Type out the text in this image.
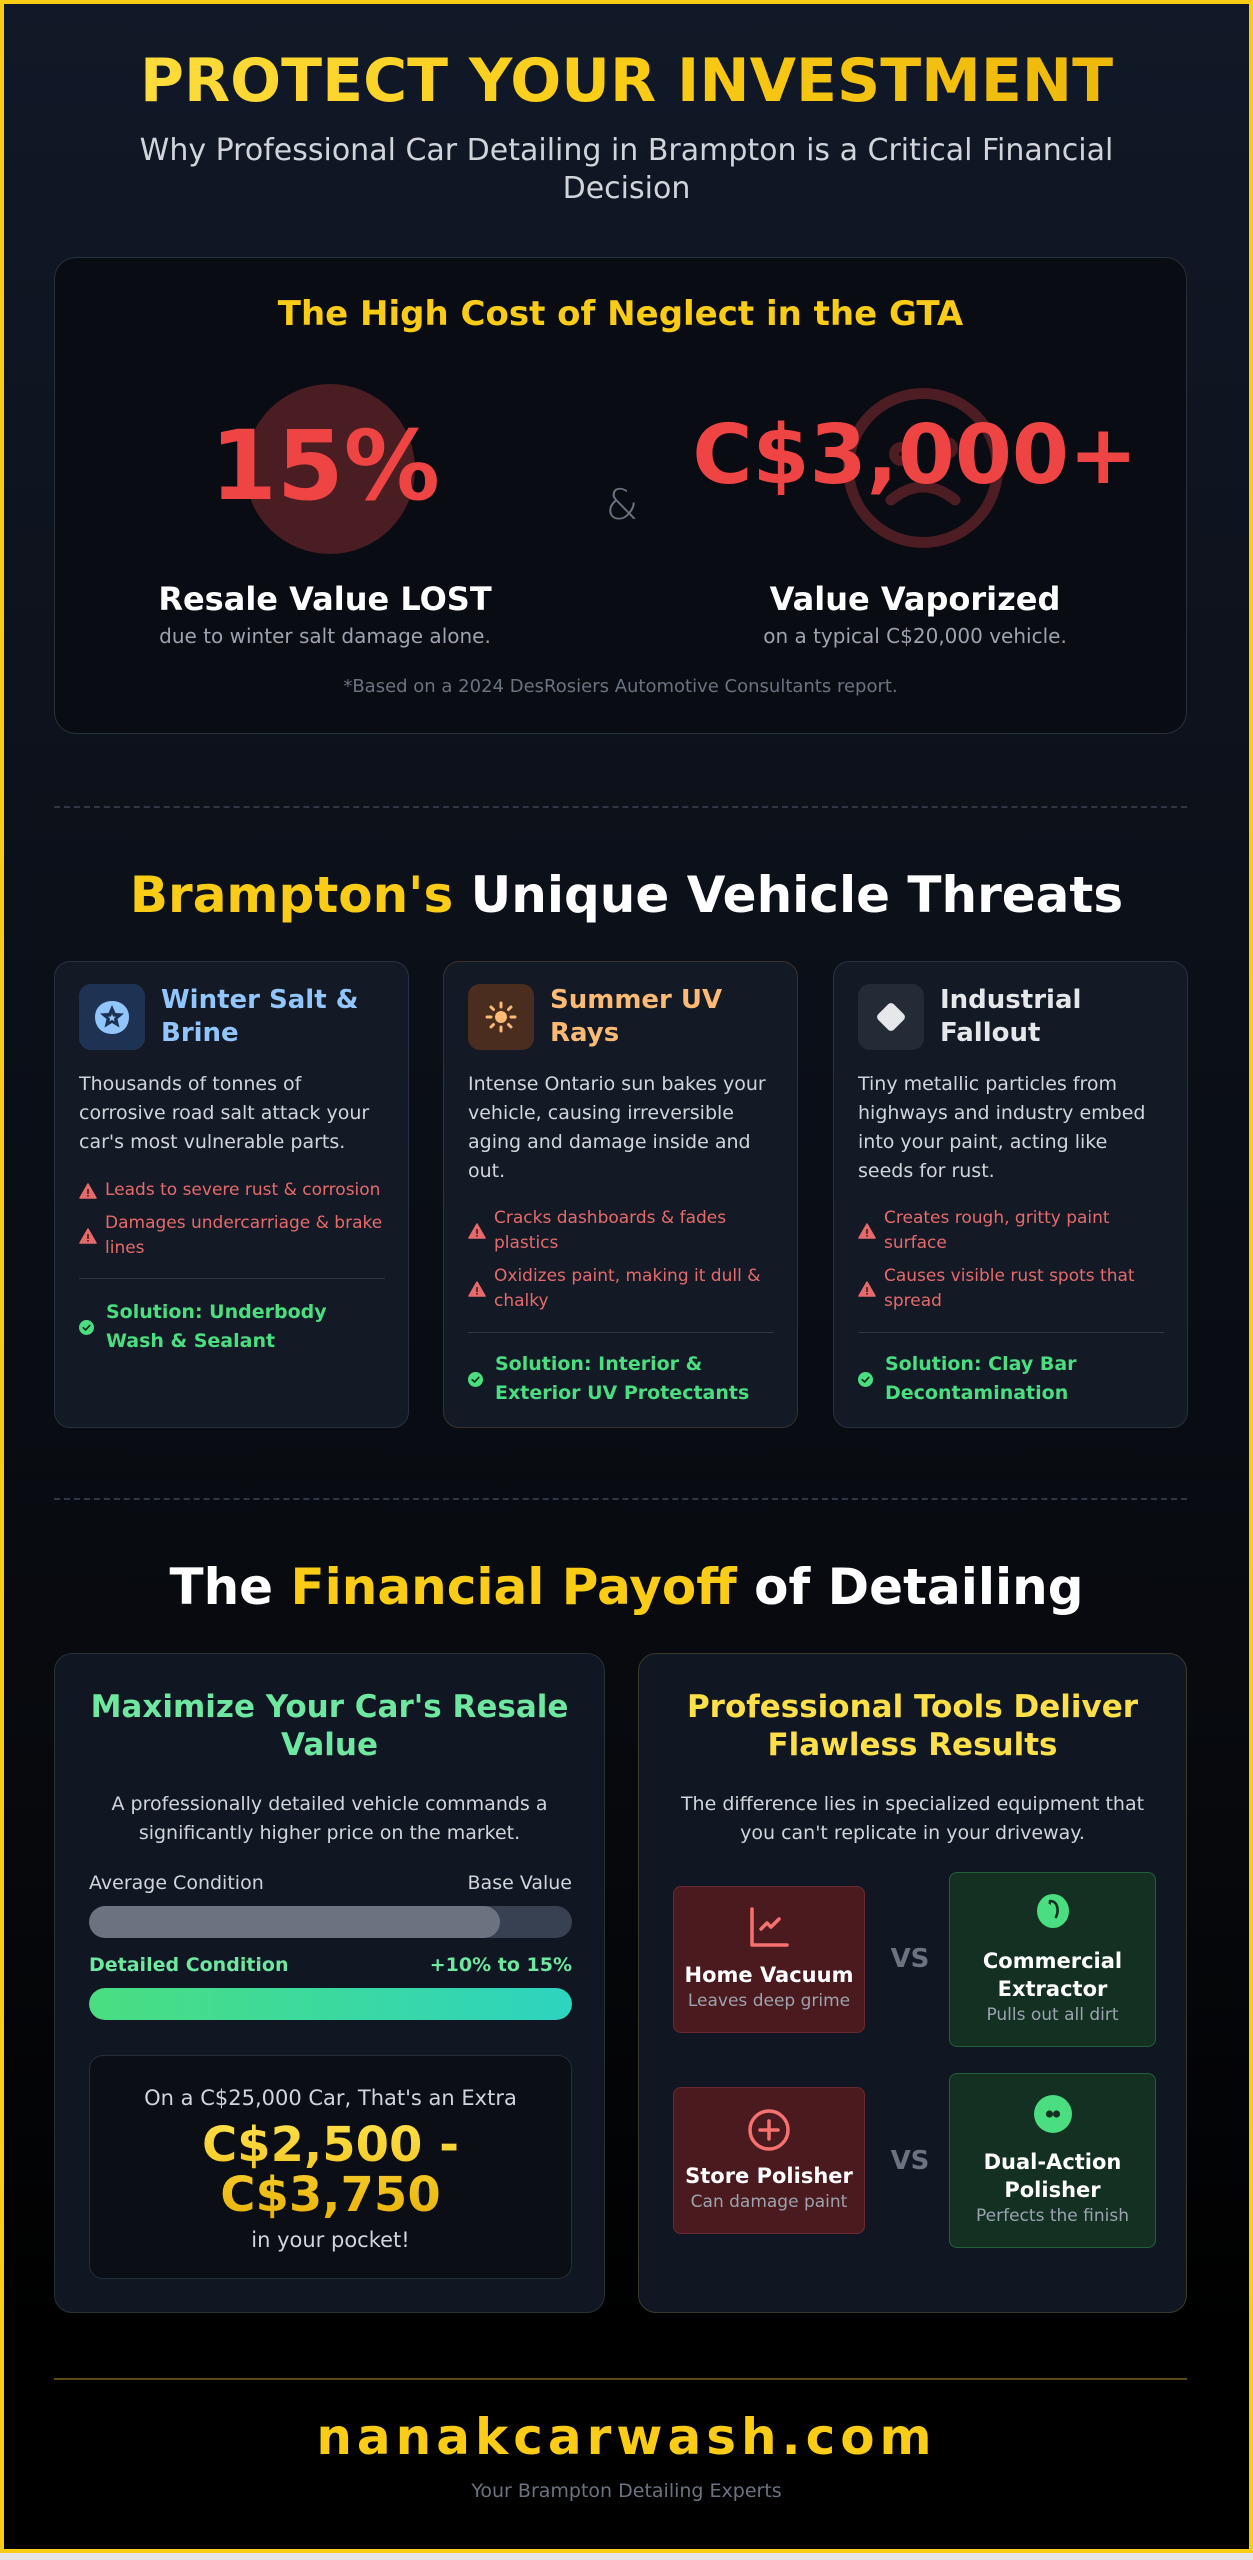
PROTECT YOUR INVESTMENT
Why Professional Car Detailing in Brampton is a Critical Financial Decision
The High Cost of Neglect in the GTA
15%	&
C$3,000+
Resale Value LOST	Value Vaporized
due to winter salt damage alone.	on a typical C$20,000 vehicle.
*Based on a 2024 DesRosiers Automotive Consultants report.
Brampton's Unique Vehicle Threats
Winter Salt & Brine
Thousands of tonnes of corrosive road salt attack your car's most vulnerable parts.
Leads to severe rust & corrosion
Damages undercarriage & brake lines
Solution: Underbody Wash & Sealant
Summer UV Rays
Intense Ontario sun bakes your vehicle, causing irreversible aging and damage inside and out.
Cracks dashboards & fades plastics
Oxidizes paint, making it dull & chalky
Solution: Interior & Exterior UV Protectants
Industrial Fallout
Tiny metallic particles from highways and industry embed into your paint, acting like seeds for rust.
Creates rough, gritty paint surface
Causes visible rust spots that spread
Solution: Clay Bar Decontamination
The Financial Payoff of Detailing
Maximize Your Car's Resale Value
A professionally detailed vehicle commands a significantly higher price on the market.
Average Condition	Base Value
Detailed Condition	+10% to 15%
On a C$25,000 Car, That's an Extra
C$2,500 - C$3,750
in your pocket!
Professional Tools Deliver Flawless Results
The difference lies in specialized equipment that you can't replicate in your driveway.
Home Vacuum
Leaves deep grime
VS	Commercial Extractor
Pulls out all dirt
Store Polisher
Can damage paint
VS	Dual-Action Polisher
Perfects the finish
nanakcarwash.com
Your Brampton Detailing Experts
